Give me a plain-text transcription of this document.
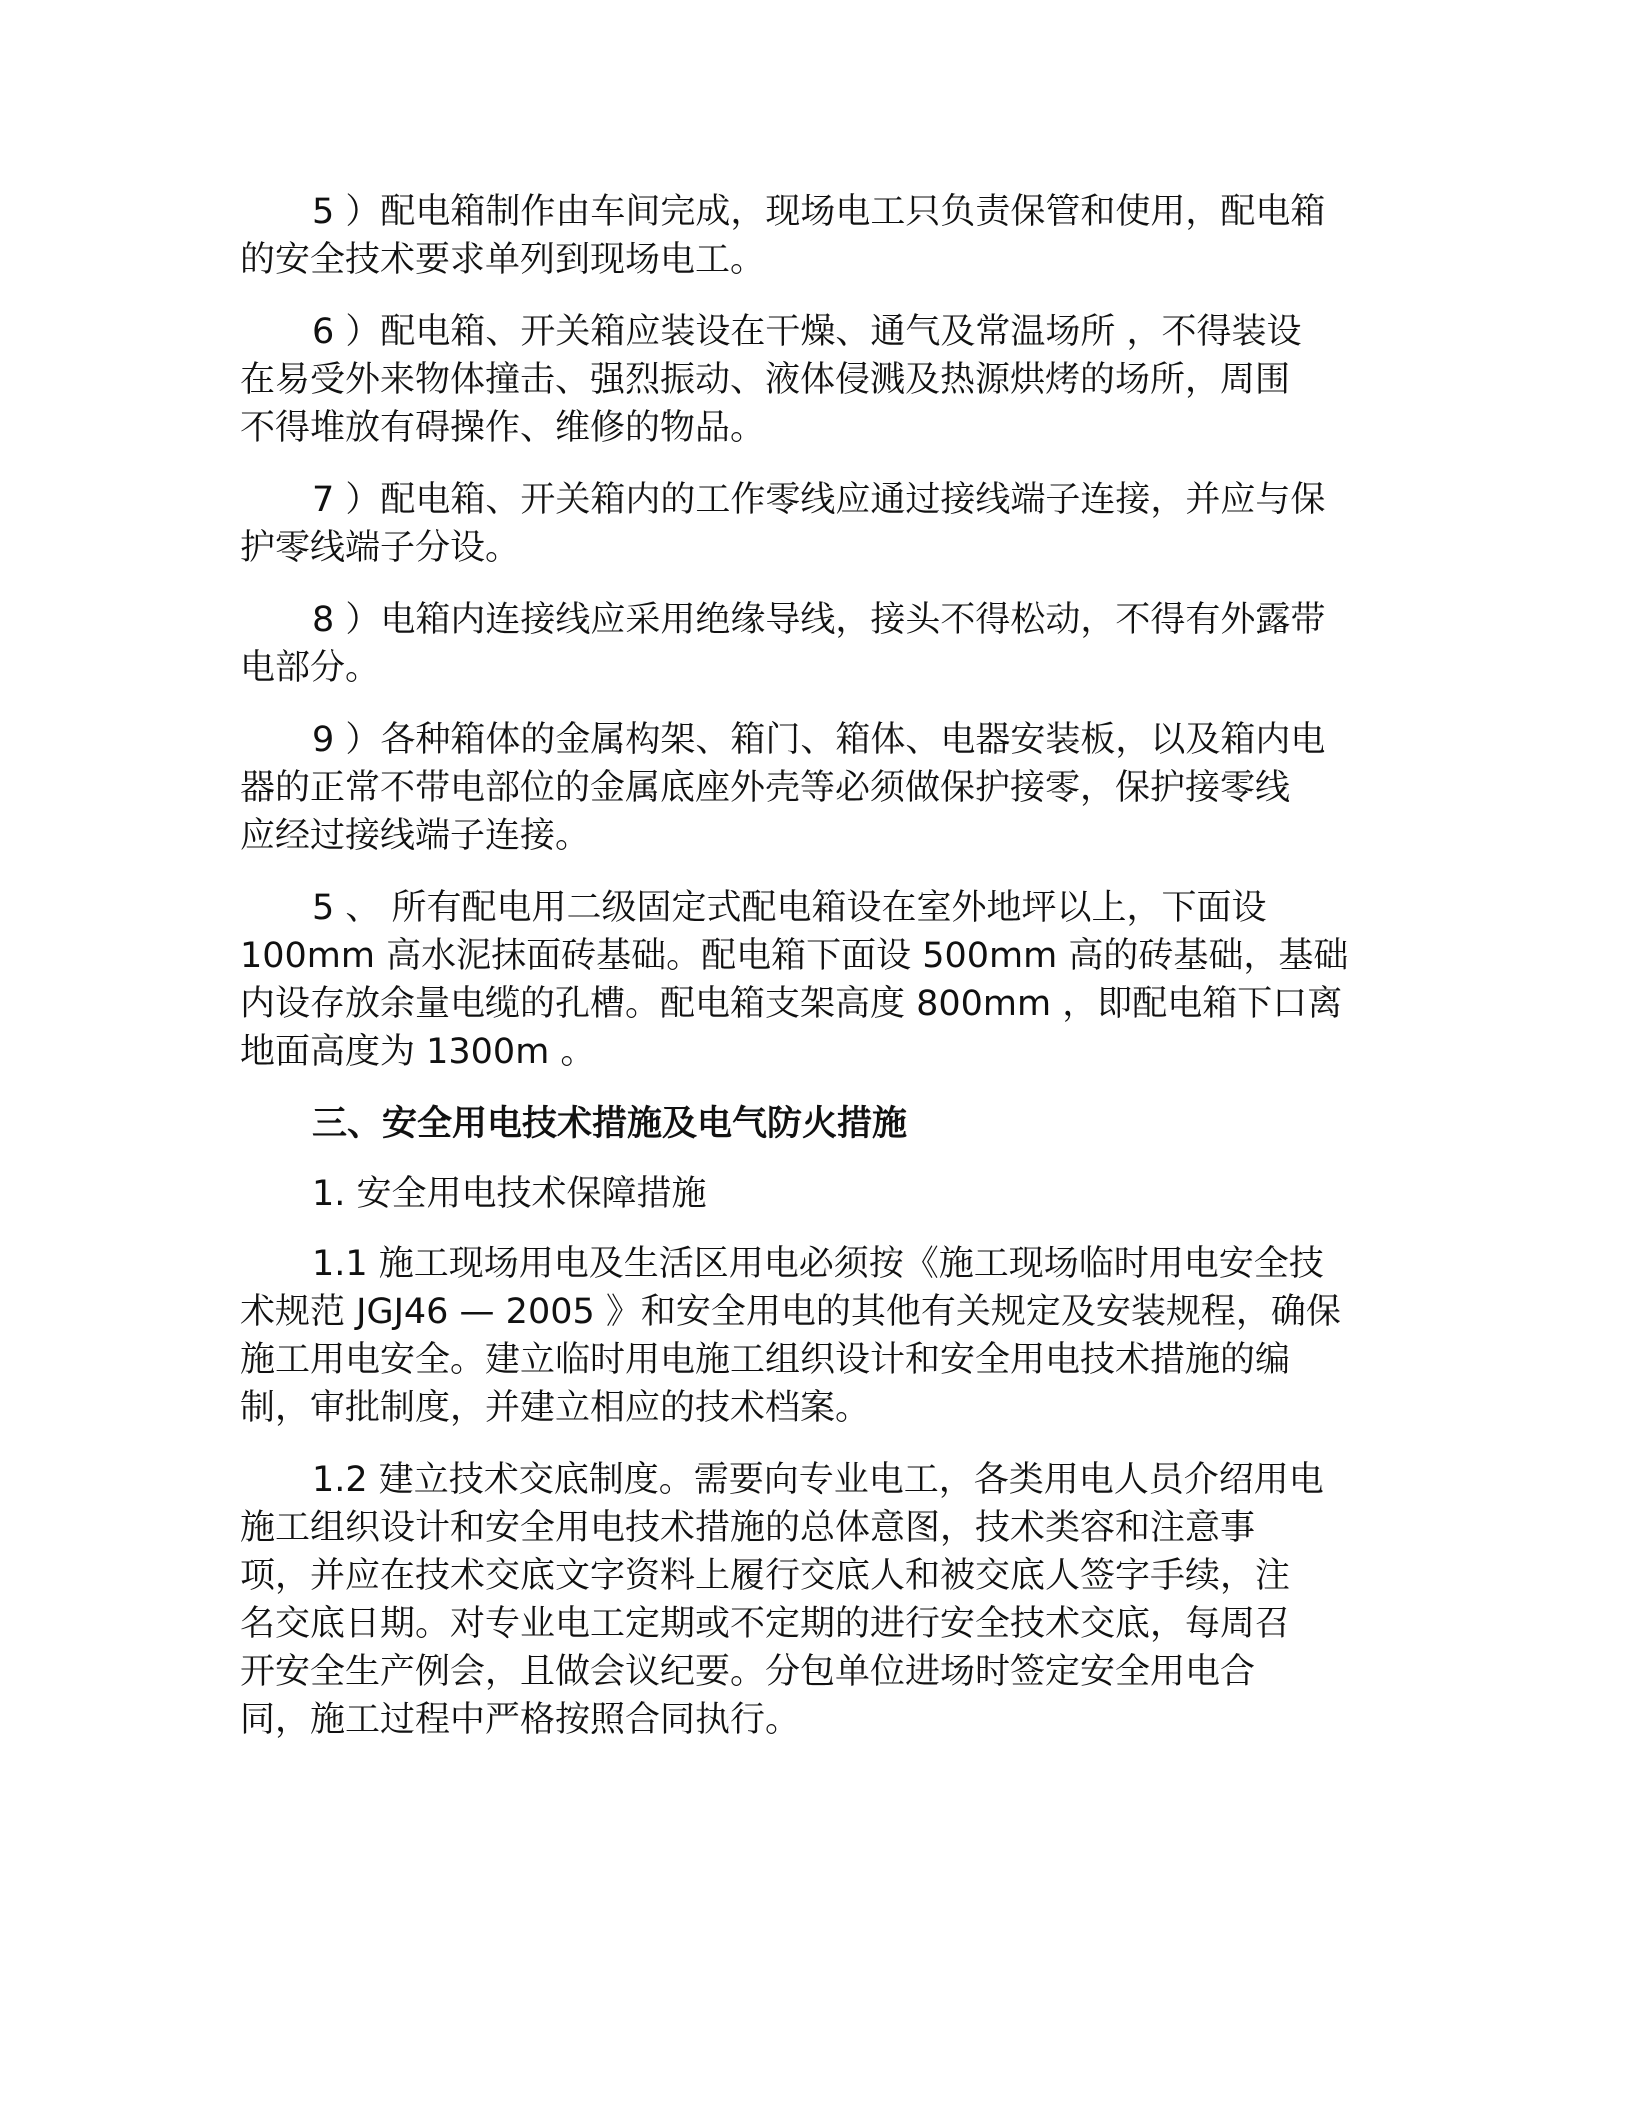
5 ）配电箱制作由车间完成，现场电工只负责保管和使用，配电箱
的安全技术要求单列到现场电工。
6 ）配电箱、开关箱应装设在干燥、通气及常温场所 ，不得装设
在易受外来物体撞击、强烈振动、液体侵溅及热源烘烤的场所，周围
不得堆放有碍操作、维修的物品。
7 ）配电箱、开关箱内的工作零线应通过接线端子连接，并应与保
护零线端子分设。
8 ）电箱内连接线应采用绝缘导线，接头不得松动，不得有外露带
电部分。
9 ）各种箱体的金属构架、箱门、箱体、电器安装板，以及箱内电
器的正常不带电部位的金属底座外壳等必须做保护接零，保护接零线
应经过接线端子连接。
5 、 所有配电用二级固定式配电箱设在室外地坪以上，下面设
100mm 高水泥抹面砖基础。配电箱下面设 500mm 高的砖基础，基础
内设存放余量电缆的孔槽。配电箱支架高度 800mm ，即配电箱下口离
地面高度为 1300m 。
三、安全用电技术措施及电气防火措施
1. 安全用电技术保障措施
1.1 施工现场用电及生活区用电必须按《施工现场临时用电安全技
术规范 JGJ46 — 2005 》和安全用电的其他有关规定及安装规程，确保
施工用电安全。建立临时用电施工组织设计和安全用电技术措施的编
制，审批制度，并建立相应的技术档案。
1.2 建立技术交底制度。需要向专业电工，各类用电人员介绍用电
施工组织设计和安全用电技术措施的总体意图，技术类容和注意事
项，并应在技术交底文字资料上履行交底人和被交底人签字手续，注
名交底日期。对专业电工定期或不定期的进行安全技术交底，每周召
开安全生产例会，且做会议纪要。分包单位进场时签定安全用电合
同，施工过程中严格按照合同执行。
